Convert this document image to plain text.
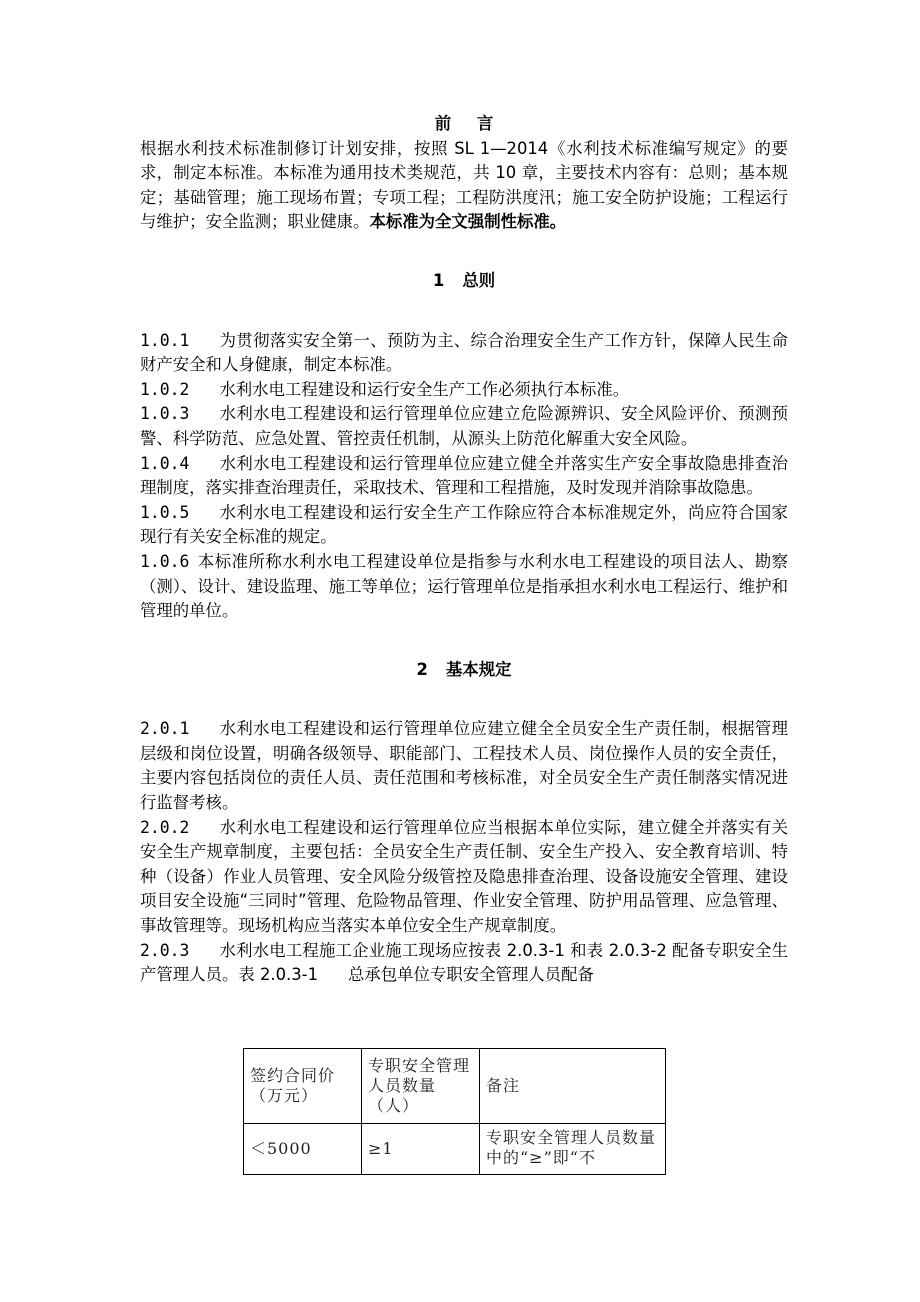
前 言

根据水利技术标准制修订计划安排，按照 SL 1—2014《水利技术标准编写规定》的要求，制定本标准。本标准为通用技术类规范，共 10 章，主要技术内容有：总则；基本规定；基础管理；施工现场布置；专项工程；工程防洪度汛；施工安全防护设施；工程运行与维护；安全监测；职业健康。本标准为全文强制性标准。

1 总则

1.0.1 为贯彻落实安全第一、预防为主、综合治理安全生产工作方针，保障人民生命财产安全和人身健康，制定本标准。

1.0.2 水利水电工程建设和运行安全生产工作必须执行本标准。

1.0.3 水利水电工程建设和运行管理单位应建立危险源辨识、安全风险评价、预测预警、科学防范、应急处置、管控责任机制，从源头上防范化解重大安全风险。

1.0.4 水利水电工程建设和运行管理单位应建立健全并落实生产安全事故隐患排查治理制度，落实排查治理责任，采取技术、管理和工程措施，及时发现并消除事故隐患。

1.0.5 水利水电工程建设和运行安全生产工作除应符合本标准规定外，尚应符合国家现行有关安全标准的规定。

1.0.6 本标准所称水利水电工程建设单位是指参与水利水电工程建设的项目法人、勘察（测）、设计、建设监理、施工等单位；运行管理单位是指承担水利水电工程运行、维护和管理的单位。

2 基本规定

2.0.1 水利水电工程建设和运行管理单位应建立健全全员安全生产责任制，根据管理层级和岗位设置，明确各级领导、职能部门、工程技术人员、岗位操作人员的安全责任，主要内容包括岗位的责任人员、责任范围和考核标准，对全员安全生产责任制落实情况进行监督考核。

2.0.2 水利水电工程建设和运行管理单位应当根据本单位实际，建立健全并落实有关安全生产规章制度，主要包括：全员安全生产责任制、安全生产投入、安全教育培训、特种（设备）作业人员管理、安全风险分级管控及隐患排查治理、设备设施安全管理、建设项目安全设施“三同时”管理、危险物品管理、作业安全管理、防护用品管理、应急管理、事故管理等。现场机构应当落实本单位安全生产规章制度。

2.0.3 水利水电工程施工企业施工现场应按表 2.0.3-1 和表 2.0.3-2 配备专职安全生产管理人员。表 2.0.3-1 总承包单位专职安全管理人员配备

签约合同价（万元）	专职安全管理人员数量（人）	备注
＜5000	≥1	专职安全管理人员数量中的“≥”即“不
